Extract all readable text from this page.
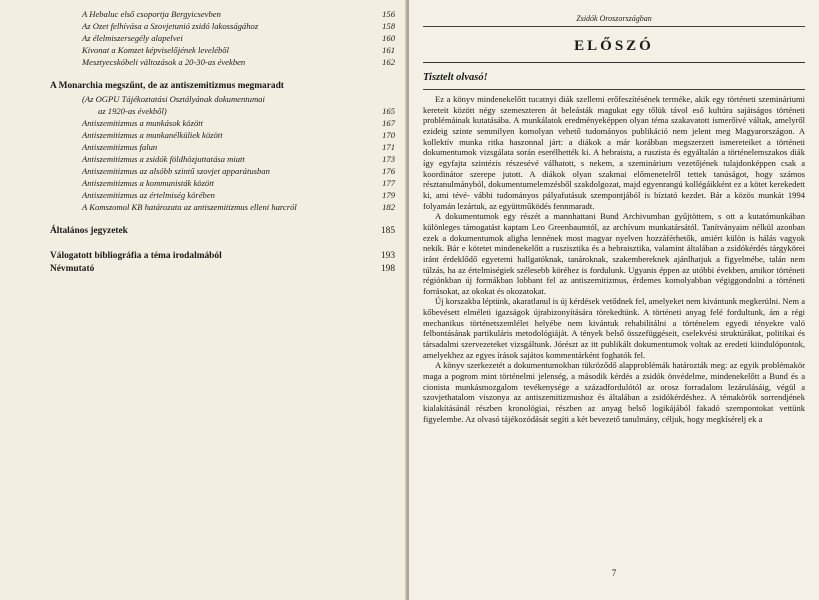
A Hebaluc első csoportja Bergyicsevben	156
Az Ozet felhívása a Szovjetunió zsidó lakosságához	158
Az élelmiszersegély alapelvei	160
Kivonat a Komzet képviselőjének leveléből	161
Mesztyecskóbeli változások a 20-30-as években	162
A Monarchia megszűnt, de az antiszemitizmus megmaradt
(Az OGPU Tájékoztatási Osztályának dokumentumai
az 1920-as évekből)	165
Antiszemitizmus a munkások között	167
Antiszemitizmus a munkanélküliek között	170
Antiszemitizmus falun	171
Antiszemitizmus a zsidók földhözjuttatása miatt	173
Antiszemitizmus az alsóbb szintű szovjet apparátusban	176
Antiszemitizmus a kommunisták között	177
Antiszemitizmus az értelmiség körében	179
A Komszomol KB határozata az antiszemitizmus elleni harcról	182
Általános jegyzetek	185
Válogatott bibliográfia a téma irodalmából	193
Névmutató	198
Zsidók Oroszországban
ELŐSZÓ
Tisztelt olvasó!

Ez a könyv mindenekelőtt tucatnyi diák szellemi erőfeszítésének terméke, akik egy történeti szemináriumi kereteit között négy szemeszteren át beleásták magukat egy tőlük távol eső kultúra sajátságos történeti problémáinak kutatásába. A munkálatok eredményeképpen olyan téma szakavatott ismerőivé váltak, amelyről ezideig szinte semmilyen komolyan vehető tudományos publikáció nem jelent meg Magyarországon. A kollektív munka ritka haszonnal járt: a diákok a már korábban megszerzett ismereteiket a történeti dokumentumok vizsgálata során eserélhették ki. A hebraista, a ruszista és egyáltalán a történelemszakos diák így egyfajta szintézis részesévé válhatott, s nekem, a szeminárium vezetőjének tulajdonképpen csak a koordinátor szerepe jutott. A diákok olyan szakmai előmenetelről tettek tanúságot, hogy számos résztanulmányból, dokumentumelemzésből szakdolgozat, majd egyenrangú kollégáikként ez a kötet kerekedett ki, ami tévé- vábbi tudományos pályafutásuk szempontjából is bíztató kezdet. Bár a közös munkát 1994 folyamán lezártuk, az együttműködés fennmaradt.

A dokumentumok egy részét a mannhattani Bund Archivumban gyűjtöttem, s ott a kutatómunkában különleges támogatást kaptam Leo Greenbaumtól, az archívum munkatársától. Tanítványaim nélkül azonban ezek a dokumentumok aligha lennének most magyar nyelven hozzáférhetők, amiért külön is hálás vagyok nekik. Bár e kötetet mindenekelőtt a ruszisztika és a hebraisztika, valamint általában a zsidókérdés tárgykörei iránt érdeklődő egyetemi hallgatóknak, tanároknak, szakembereknek ajánlhatjuk a figyelmébe, talán nem túlzás, ha az értelmiségiek szélesebb köréhez is fordulunk. Ugyanis éppen az utóbbi években, amikor történeti régiónkban új formákban lobbant fel az antiszemitizmus, érdemes komolyabban végiggondolni a történeti forrásokat, az okokat és okozatokat.

Új korszakba léptünk, akaratlanul is új kérdések vetődnek fel, amelyeket nem kivántunk megkerülni. Nem a kőbevésett elméleti igazságok újrabizonyítására törekedtünk. A történeti anyag felé fordultunk, ám a régi mechanikus történetszemlélet helyébe nem kivántuk rehabilitálni a történelem egyedi tényekre való felbontásának partikuláris metodológiáját. A tények belső összefüggéseit, cselekvési struktúrákat, politikai és társadalmi szervezeteket vizsgáltunk. Jórészt az itt publikált dokumentumok voltak az eredeti kiindulópontok, amelyekhez az egyes írások sajátos kommentárként foghatók fel.

A könyv szerkezetét a dokumentumokban tükröződő alapproblémák határozták meg: az egyik problémakör maga a pogrom mint történelmi jelenség, a második kérdés a zsidók önvédelme, mindenekelőtt a Bund és a cionista munkásmozgalom tevékenysége a századfordulótól az orosz forradalom lezárulásáig, végül a szovjethatalom viszonya az antiszemitizmushoz és általában a zsidókérdéshez. A témakörök sorrendjének kialakításánál részben kronológiai, részben az anyag belső logikájából fakadó szempontokat vettünk figyelembe. Az olvasó tájékozódását segíti a két bevezető tanulmány, céljuk, hogy megkísérelj ek a

7
